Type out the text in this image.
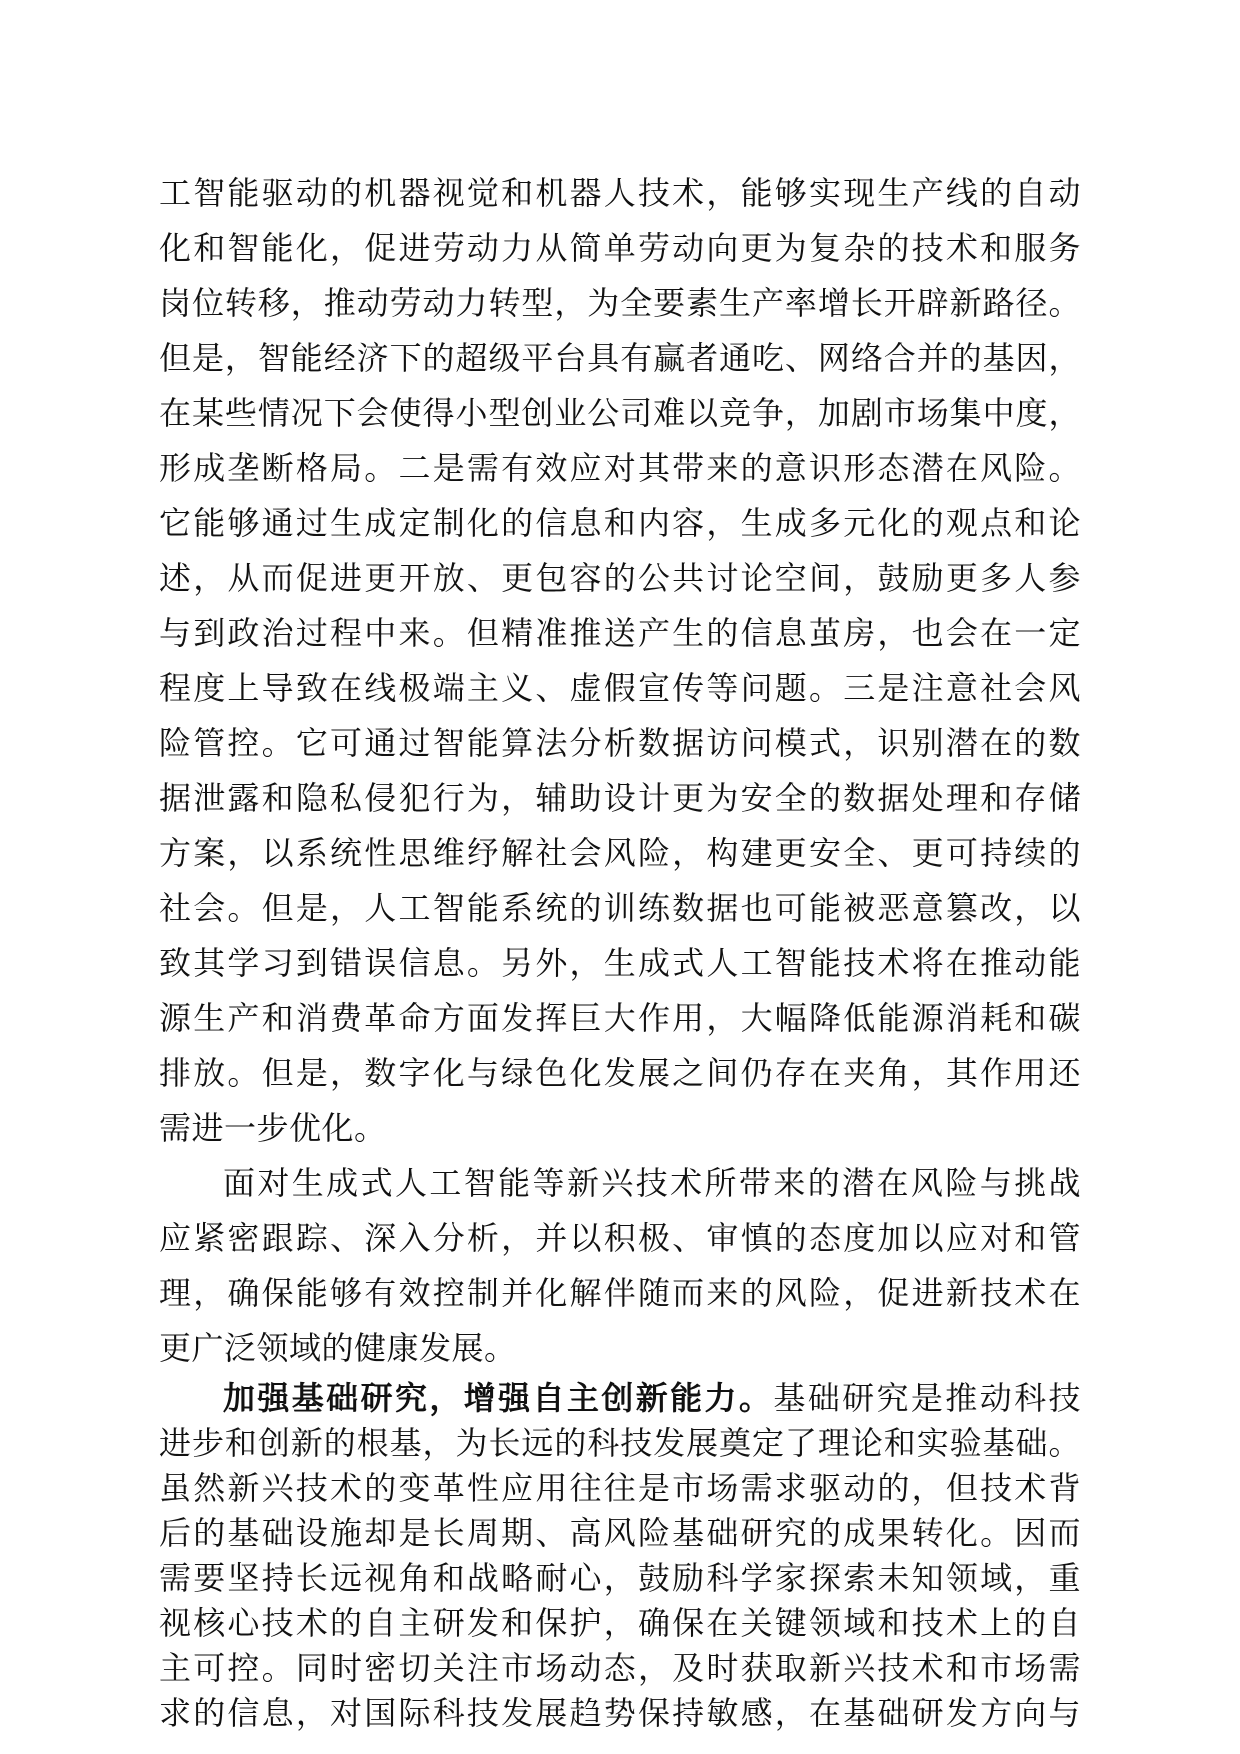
工智能驱动的机器视觉和机器人技术，能够实现生产线的自动
化和智能化，促进劳动力从简单劳动向更为复杂的技术和服务
岗位转移，推动劳动力转型，为全要素生产率增长开辟新路径。
但是，智能经济下的超级平台具有赢者通吃、网络合并的基因，
在某些情况下会使得小型创业公司难以竞争，加剧市场集中度，
形成垄断格局。二是需有效应对其带来的意识形态潜在风险。
它能够通过生成定制化的信息和内容，生成多元化的观点和论
述，从而促进更开放、更包容的公共讨论空间，鼓励更多人参
与到政治过程中来。但精准推送产生的信息茧房，也会在一定
程度上导致在线极端主义、虚假宣传等问题。三是注意社会风
险管控。它可通过智能算法分析数据访问模式，识别潜在的数
据泄露和隐私侵犯行为，辅助设计更为安全的数据处理和存储
方案，以系统性思维纾解社会风险，构建更安全、更可持续的
社会。但是，人工智能系统的训练数据也可能被恶意篡改，以
致其学习到错误信息。另外，生成式人工智能技术将在推动能
源生产和消费革命方面发挥巨大作用，大幅降低能源消耗和碳
排放。但是，数字化与绿色化发展之间仍存在夹角，其作用还
需进一步优化。
面对生成式人工智能等新兴技术所带来的潜在风险与挑战
应紧密跟踪、深入分析，并以积极、审慎的态度加以应对和管
理，确保能够有效控制并化解伴随而来的风险，促进新技术在
更广泛领域的健康发展。
加强基础研究，增强自主创新能力。基础研究是推动科技
进步和创新的根基，为长远的科技发展奠定了理论和实验基础。
虽然新兴技术的变革性应用往往是市场需求驱动的，但技术背
后的基础设施却是长周期、高风险基础研究的成果转化。因而
需要坚持长远视角和战略耐心，鼓励科学家探索未知领域，重
视核心技术的自主研发和保护，确保在关键领域和技术上的自
主可控。同时密切关注市场动态，及时获取新兴技术和市场需
求的信息，对国际科技发展趋势保持敏感，在基础研发方向与
